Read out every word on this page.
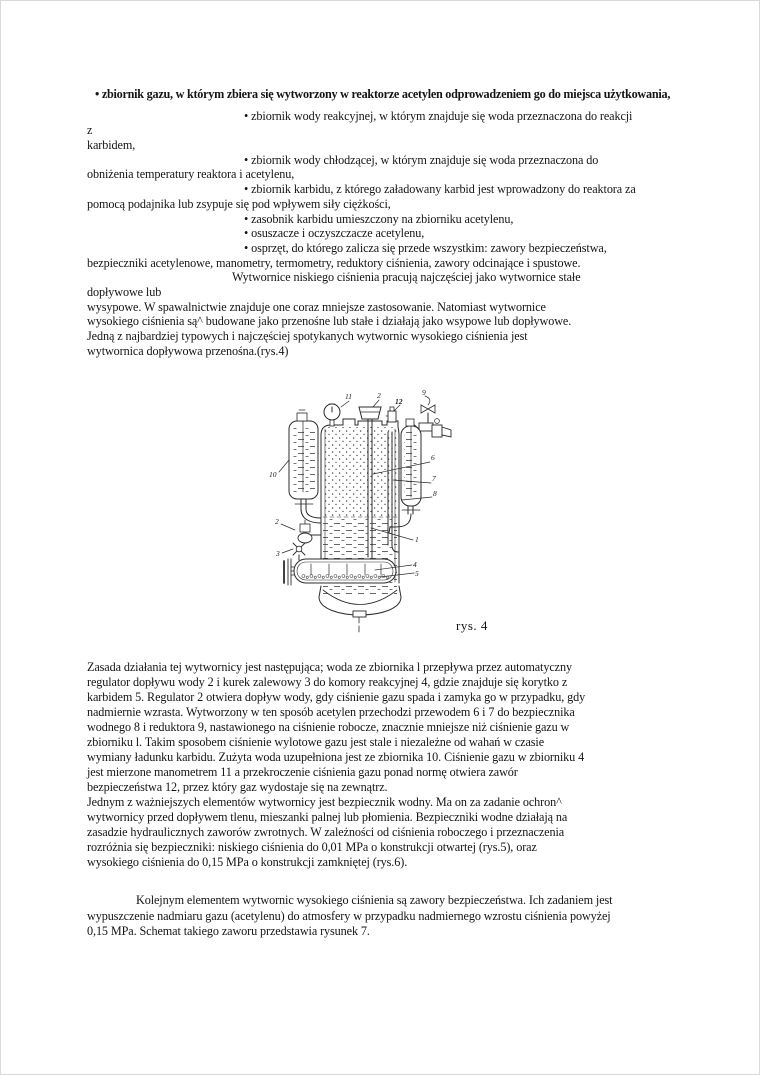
• zbiornik gazu, w którym zbiera się wytworzony w reaktorze acetylen odprowadzeniem go do miejsca użytkowania,
• zbiornik wody reakcyjnej, w którym znajduje się woda przeznaczona do reakcji
z
karbidem,
• zbiornik wody chłodzącej, w którym znajduje się woda przeznaczona do
obniżenia temperatury reaktora i acetylenu,
• zbiornik karbidu, z którego załadowany karbid jest wprowadzony do reaktora za
pomocą podajnika lub zsypuje się pod wpływem siły ciężkości,
• zasobnik karbidu umieszczony na zbiorniku acetylenu,
• osuszacze i oczyszczacze acetylenu,
• osprzęt, do którego zalicza się przede wszystkim: zawory bezpieczeństwa,
bezpieczniki acetylenowe, manometry, termometry, reduktory ciśnienia, zawory odcinające i spustowe.
Wytwornice niskiego ciśnienia pracują najczęściej jako wytwornice stałe
dopływowe lub
wysypowe. W spawalnictwie znajduje one coraz mniejsze zastosowanie. Natomiast wytwornice
wysokiego ciśnienia są^ budowane jako przenośne lub stałe i działają jako wsypowe lub dopływowe.
Jedną z najbardziej typowych i najczęściej spotykanych wytwornic wysokiego ciśnienia jest
wytwornica dopływowa przenośna.(rys.4)
11	2
12
9
10
6
7
8
1
4
5
2
3
rys. 4
Zasada działania tej wytwornicy jest następująca; woda ze zbiornika l przepływa przez automatyczny
regulator dopływu wody 2 i kurek zalewowy 3 do komory reakcyjnej 4, gdzie znajduje się korytko z
karbidem 5. Regulator 2 otwiera dopływ wody, gdy ciśnienie gazu spada i zamyka go w przypadku, gdy
nadmiernie wzrasta. Wytworzony w ten sposób acetylen przechodzi przewodem 6 i 7 do bezpiecznika
wodnego 8 i reduktora 9, nastawionego na ciśnienie robocze, znacznie mniejsze niż ciśnienie gazu w
zbiorniku l. Takim sposobem ciśnienie wylotowe gazu jest stale i niezależne od wahań w czasie
wymiany ładunku karbidu. Zużyta woda uzupełniona jest ze zbiornika 10. Ciśnienie gazu w zbiorniku 4
jest mierzone manometrem 11 a przekroczenie ciśnienia gazu ponad normę otwiera zawór
bezpieczeństwa 12, przez który gaz wydostaje się na zewnątrz.
Jednym z ważniejszych elementów wytwornicy jest bezpiecznik wodny. Ma on za zadanie ochron^
wytwornicy przed dopływem tlenu, mieszanki palnej lub płomienia. Bezpieczniki wodne działają na
zasadzie hydraulicznych zaworów zwrotnych. W zależności od ciśnienia roboczego i przeznaczenia
rozróżnia się bezpieczniki: niskiego ciśnienia do 0,01 MPa o konstrukcji otwartej (rys.5), oraz
wysokiego ciśnienia do 0,15 MPa o konstrukcji zamkniętej (rys.6).
Kolejnym elementem wytwornic wysokiego ciśnienia są zawory bezpieczeństwa. Ich zadaniem jest
wypuszczenie nadmiaru gazu (acetylenu) do atmosfery w przypadku nadmiernego wzrostu ciśnienia powyżej
0,15 MPa. Schemat takiego zaworu przedstawia rysunek 7.
